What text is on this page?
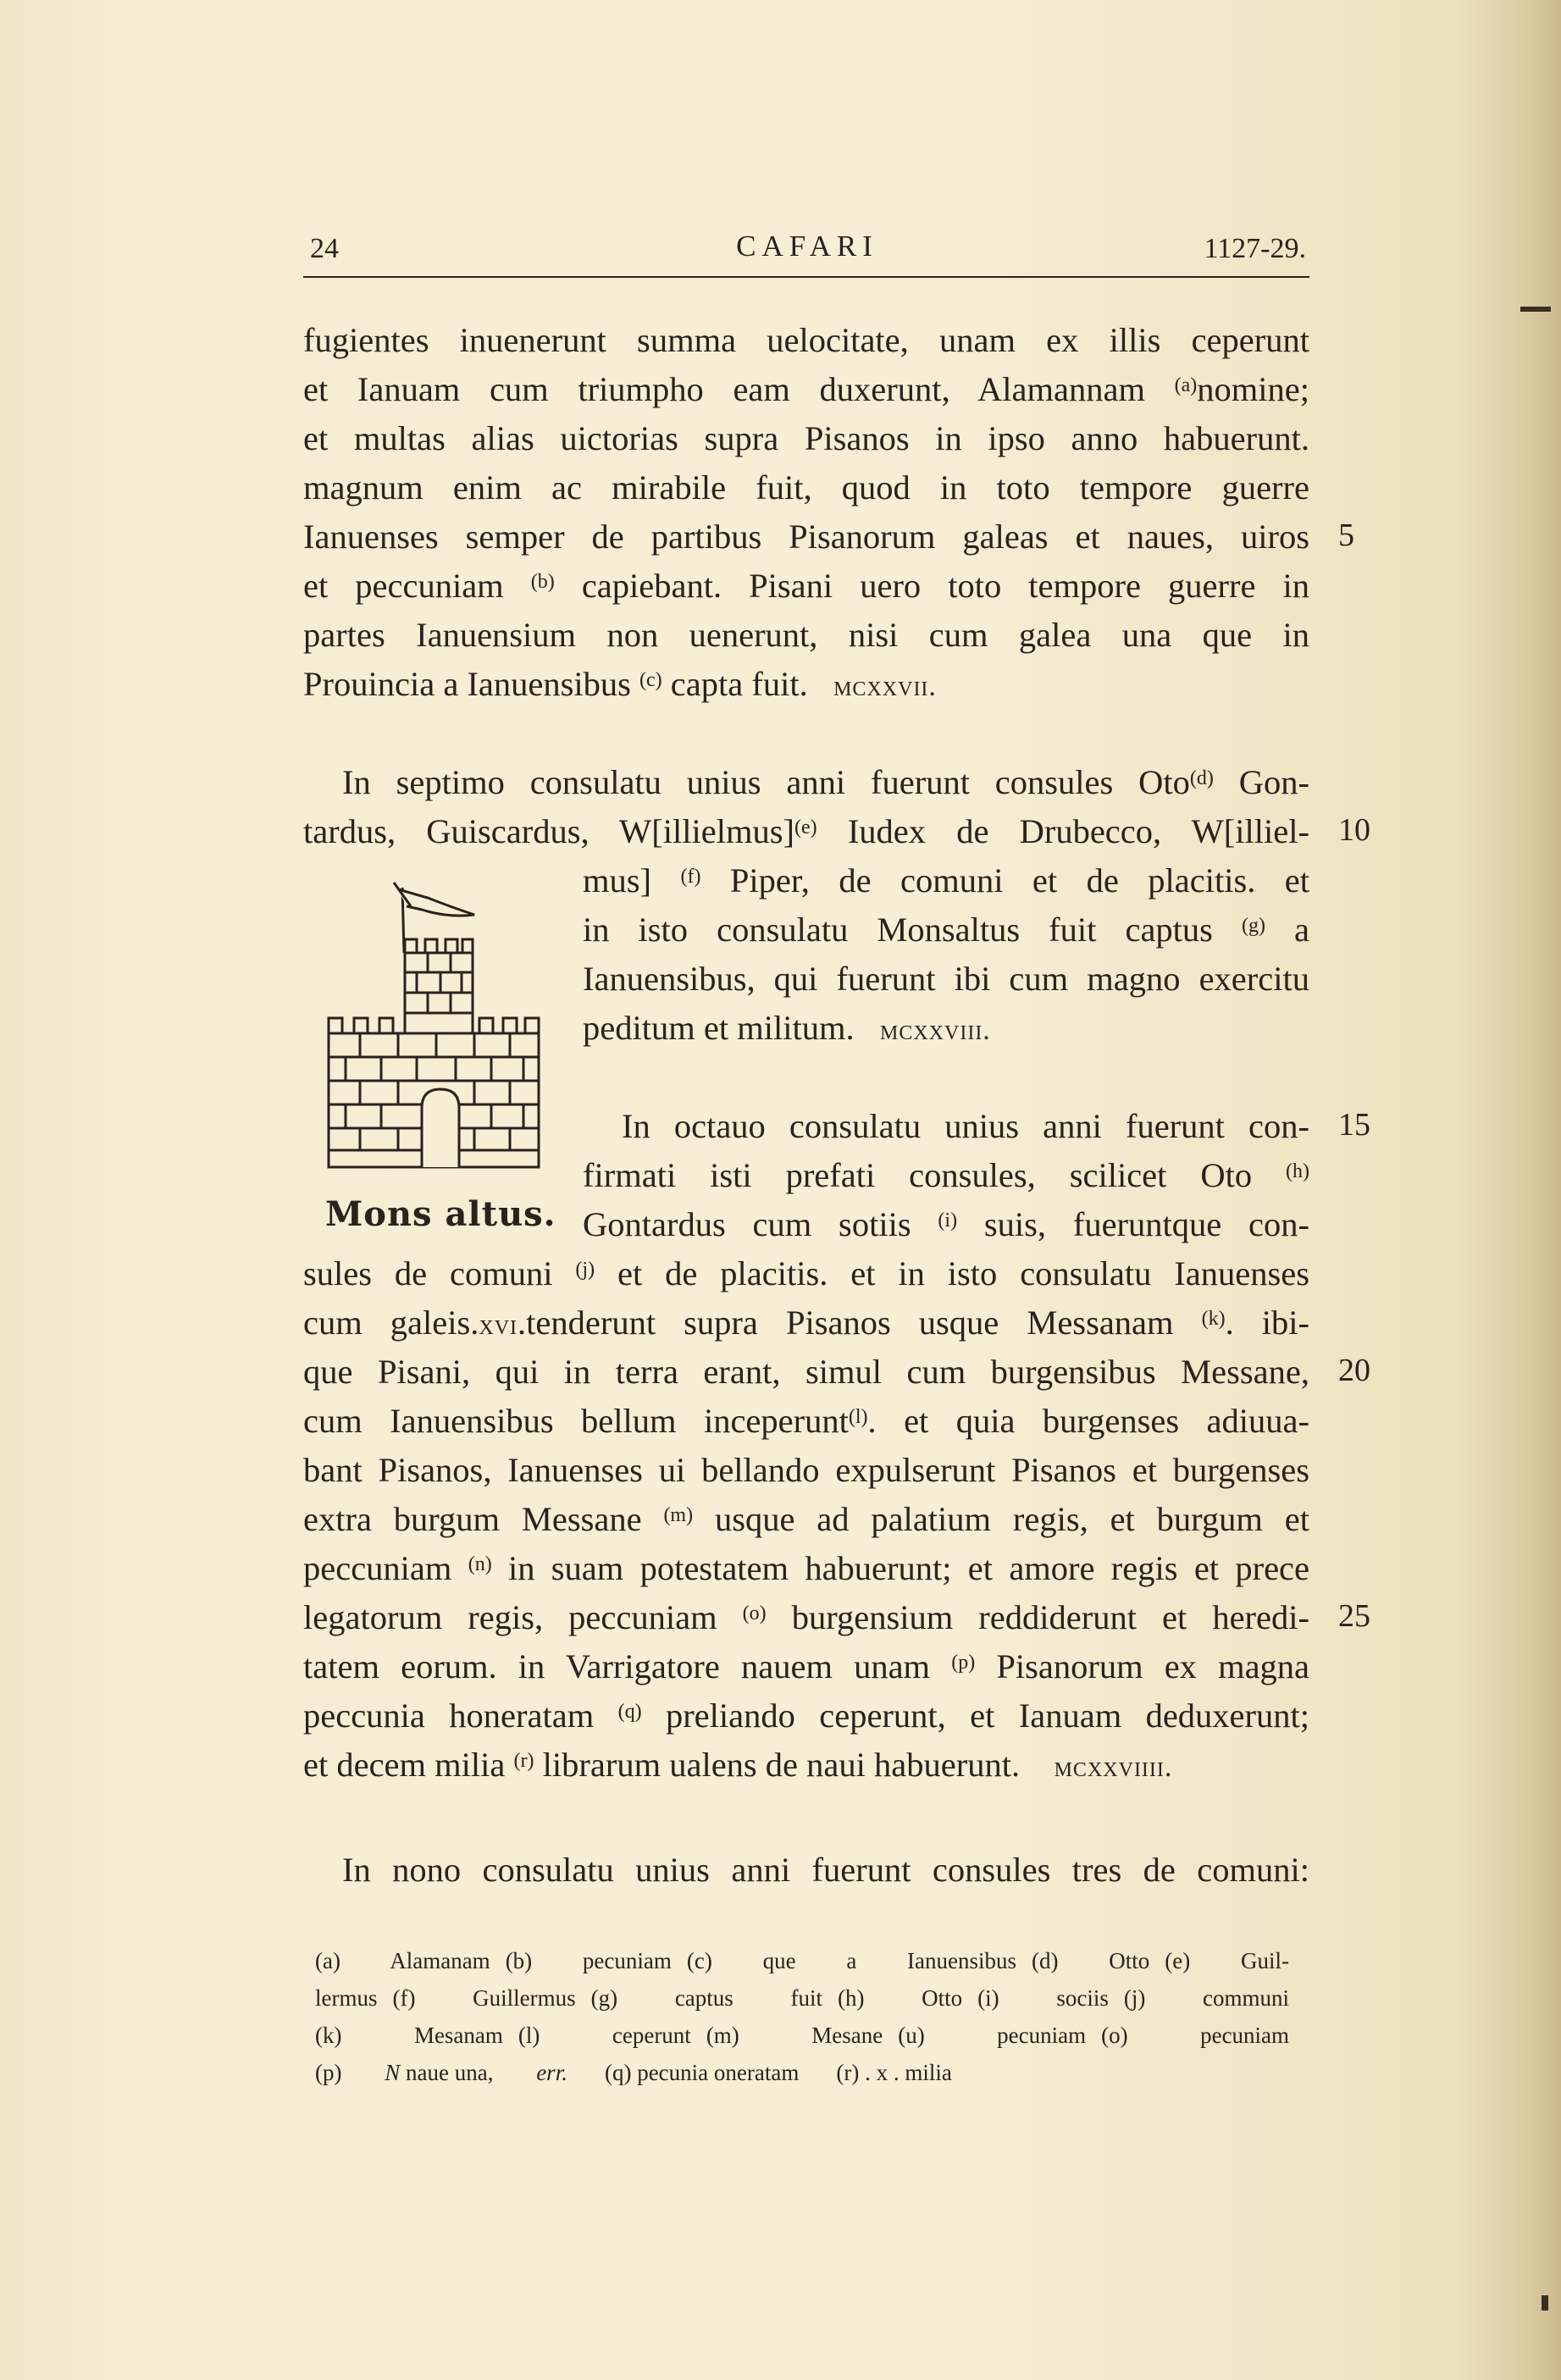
24	CAFARI	1127-29.
fugientes inuenerunt summa uelocitate, unam ex illis ceperunt
et Ianuam cum triumpho eam duxerunt, Alamannam $^{(a)}$nomine;
et multas alias uictorias supra Pisanos in ipso anno habuerunt.
magnum enim ac mirabile fuit, quod in toto tempore guerre
Ianuenses semper de partibus Pisanorum galeas et naues, uiros
et peccuniam $^{(b)}$ capiebant. Pisani uero toto tempore guerre in
partes Ianuensium non uenerunt, nisi cum galea una que in
Prouincia a Ianuensibus $^{(c)}$ capta fuit. mcxxvii.
In septimo consulatu unius anni fuerunt consules Oto$^{(d)}$ Gon-
tardus, Guiscardus, W[illielmus]$^{(e)}$ Iudex de Drubecco, W[illiel-
mus] $^{(f)}$ Piper, de comuni et de placitis. et
in isto consulatu Monsaltus fuit captus $^{(g)}$ a
Ianuensibus, qui fuerunt ibi cum magno exercitu
peditum et militum. mcxxviii.
In octauo consulatu unius anni fuerunt con-
firmati isti prefati consules, scilicet Oto $^{(h)}$
Gontardus cum sotiis $^{(i)}$ suis, fueruntque con-
sules de comuni $^{(j)}$ et de placitis. et in isto consulatu Ianuenses
cum galeis.xvi.tenderunt supra Pisanos usque Messanam $^{(k)}$. ibi-
que Pisani, qui in terra erant, simul cum burgensibus Messane,
cum Ianuensibus bellum inceperunt$^{(l)}$. et quia burgenses adiuua-
bant Pisanos, Ianuenses ui bellando expulserunt Pisanos et burgenses
extra burgum Messane $^{(m)}$ usque ad palatium regis, et burgum et
peccuniam $^{(n)}$ in suam potestatem habuerunt; et amore regis et prece
legatorum regis, peccuniam $^{(o)}$ burgensium reddiderunt et heredi-
tatem eorum. in Varrigatore nauem unam $^{(p)}$ Pisanorum ex magna
peccunia honeratam $^{(q)}$ preliando ceperunt, et Ianuam deduxerunt;
et decem milia $^{(r)}$ librarum ualens de naui habuerunt. mcxxviiii.
In nono consulatu unius anni fuerunt consules tres de comuni:
5
10
15
20
25
Mons altus.
(a) Alamanam (b) pecuniam (c) que a Ianuensibus (d) Otto (e) Guil-
lermus (f) Guillermus (g) captus fuit (h) Otto (i) sociis (j) communi
(k) Mesanam (l) ceperunt (m) Mesane (u) pecuniam (o) pecuniam
(p) N naue una, err. (q) pecunia oneratam (r) . x . milia
